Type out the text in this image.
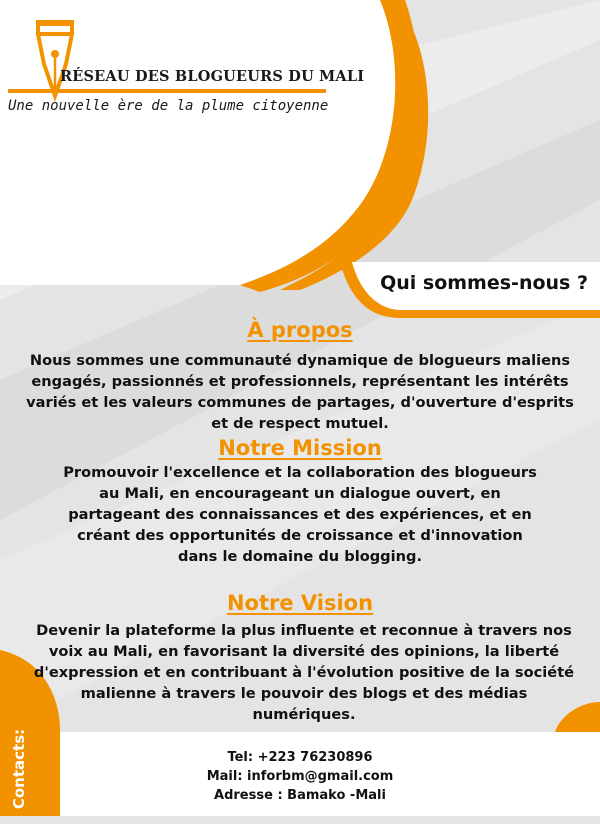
RÉSEAU DES BLOGUEURS DU MALI
Une nouvelle ère de la plume citoyenne
Qui sommes-nous ?
À propos
Nous sommes une communauté dynamique de blogueurs maliens engagés, passionnés et professionnels, représentant les intérêts variés et les valeurs communes de partages, d'ouverture d'esprits et de respect mutuel.
Notre Mission
Promouvoir l'excellence et la collaboration des blogueurs au Mali, en encourageant un dialogue ouvert, en partageant des connaissances et des expériences, et en créant des opportunités de croissance et d'innovation dans le domaine du blogging.
Notre Vision
Devenir la plateforme la plus influente et reconnue à travers nos voix au Mali, en favorisant la diversité des opinions, la liberté d'expression et en contribuant à l'évolution positive de la société malienne à travers le pouvoir des blogs et des médias numériques.
Contacts:	Tel: +223 76230896
Mail: inforbm@gmail.com
Adresse : Bamako -Mali
